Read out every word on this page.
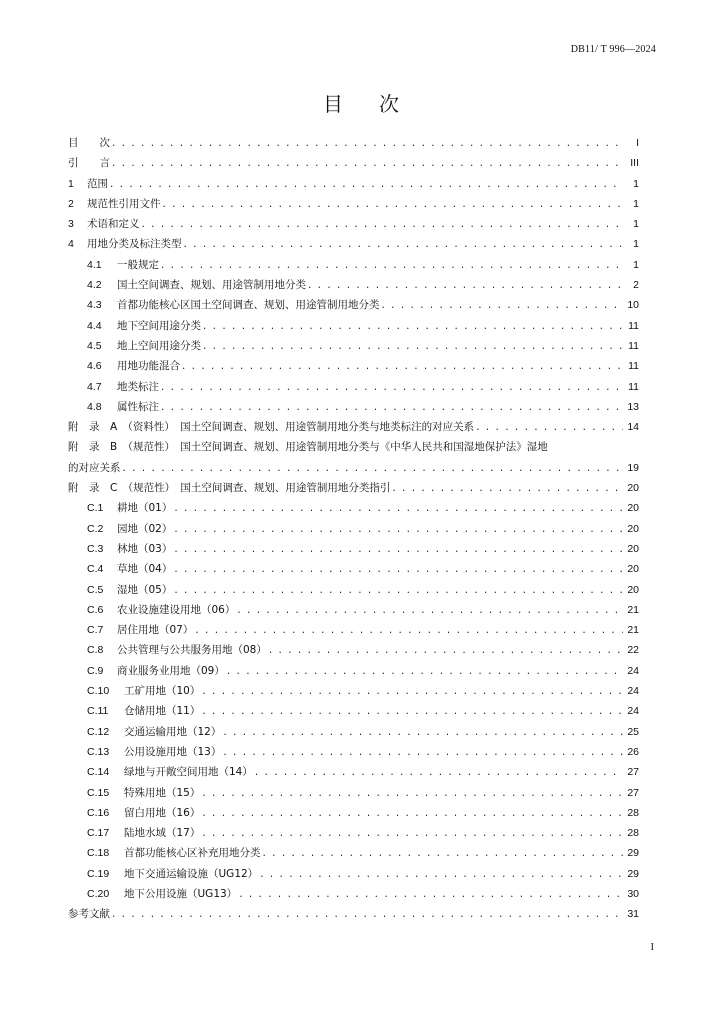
DB11/ T 996—2024
目 次
目　　次 . . .	I
引　　言 . . .	III
1 范围 . . .	1
2 规范性引用文件 . . .	1
3 术语和定义 . . .	1
4 用地分类及标注类型 . . .	1
4.1 一般规定 . . .	1
4.2 国土空间调查、规划、用途管制用地分类 . . .	2
4.3 首都功能核心区国土空间调查、规划、用途管制用地分类 . . .	10
4.4 地下空间用途分类 . . .	11
4.5 地上空间用途分类 . . .	11
4.6 用地功能混合 . . .	11
4.7 地类标注 . . .	11
4.8 属性标注 . . .	13
附　录　A　（资料性）　国土空间调查、规划、用途管制用地分类与地类标注的对应关系 . . .	14
附　录　B　（规范性）　国土空间调查、规划、用途管制用地分类与《中华人民共和国湿地保护法》湿地
的对应关系 . . .	19
附　录　C　（规范性）　国土空间调查、规划、用途管制用地分类指引 . . .	20
C.1 耕地（01） . . .	20
C.2 园地（02） . . .	20
C.3 林地（03） . . .	20
C.4 草地（04） . . .	20
C.5 湿地（05） . . .	20
C.6 农业设施建设用地（06） . . .	21
C.7 居住用地（07） . . .	21
C.8 公共管理与公共服务用地（08） . . .	22
C.9 商业服务业用地（09） . . .	24
C.10 工矿用地（10） . . .	24
C.11 仓储用地（11） . . .	24
C.12 交通运输用地（12） . . .	25
C.13 公用设施用地（13） . . .	26
C.14 绿地与开敞空间用地（14） . . .	27
C.15 特殊用地（15） . . .	27
C.16 留白用地（16） . . .	28
C.17 陆地水域（17） . . .	28
C.18 首都功能核心区补充用地分类 . . .	29
C.19 地下交通运输设施（UG12） . . .	29
C.20 地下公用设施（UG13） . . .	30
参考文献 . . .	31
I
